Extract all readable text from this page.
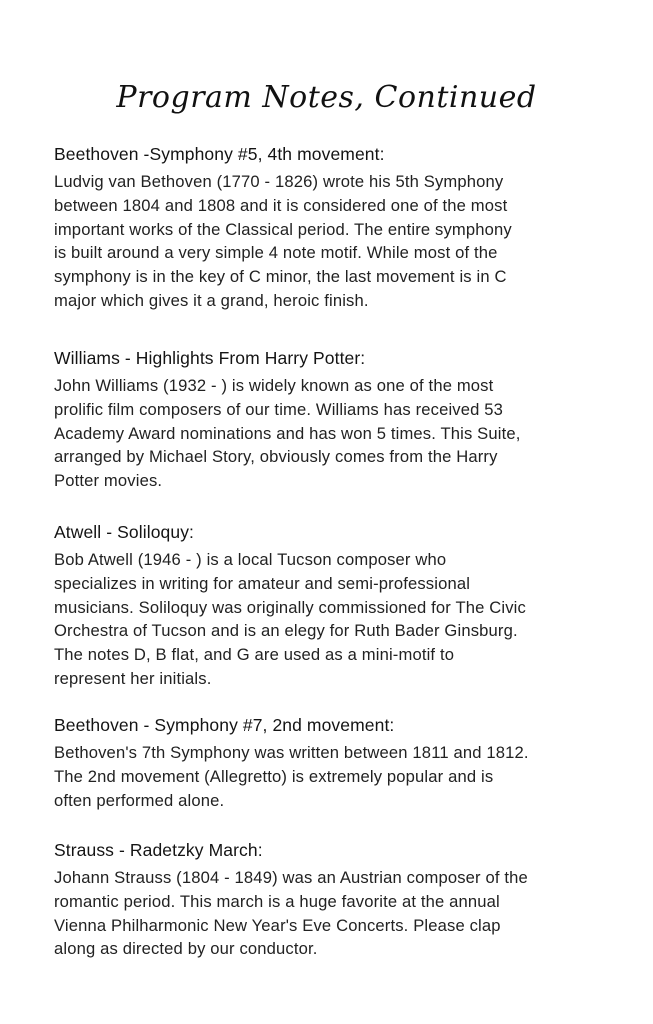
Program Notes, Continued
Beethoven -Symphony #5, 4th movement:

Ludvig van Bethoven (1770 - 1826) wrote his 5th Symphony
between 1804 and 1808 and it is considered one of the most
important works of the Classical period. The entire symphony
is built around a very simple 4 note motif. While most of the
symphony is in the key of C minor, the last movement is in C
major which gives it a grand, heroic finish.

Williams - Highlights From Harry Potter:

John Williams (1932 - ) is widely known as one of the most
prolific film composers of our time. Williams has received 53
Academy Award nominations and has won 5 times. This Suite,
arranged by Michael Story, obviously comes from the Harry
Potter movies.

Atwell - Soliloquy:

Bob Atwell (1946 - ) is a local Tucson composer who
specializes in writing for amateur and semi-professional
musicians. Soliloquy was originally commissioned for The Civic
Orchestra of Tucson and is an elegy for Ruth Bader Ginsburg.
The notes D, B flat, and G are used as a mini-motif to
represent her initials.

Beethoven - Symphony #7, 2nd movement:

Bethoven's 7th Symphony was written between 1811 and 1812.
The 2nd movement (Allegretto) is extremely popular and is
often performed alone.

Strauss - Radetzky March:

Johann Strauss (1804 - 1849) was an Austrian composer of the
romantic period. This march is a huge favorite at the annual
Vienna Philharmonic New Year's Eve Concerts. Please clap
along as directed by our conductor.
